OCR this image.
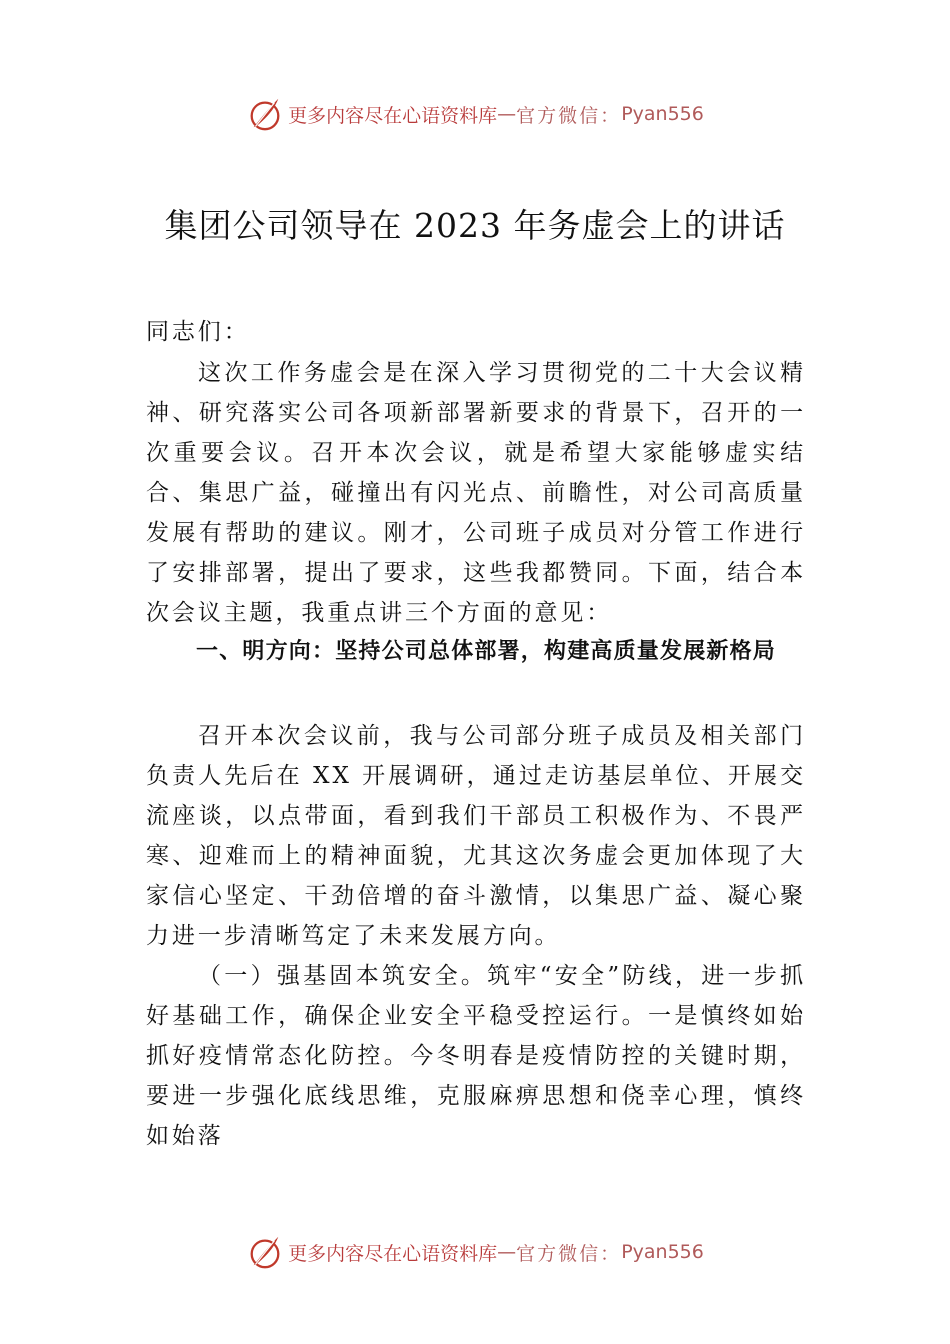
更多内容尽在心语资料库 — 官方微信： Pyan556
集团公司领导在 2023 年务虚会上的讲话

同志们：

这次工作务虚会是在深入学习贯彻党的二十大会议精神、研究落实公司各项新部署新要求的背景下，召开的一次重要会议。召开本次会议，就是希望大家能够虚实结合、集思广益，碰撞出有闪光点、前瞻性，对公司高质量发展有帮助的建议。刚才，公司班子成员对分管工作进行了安排部署，提出了要求，这些我都赞同。下面，结合本次会议主题，我重点讲三个方面的意见：

一、明方向：坚持公司总体部署，构建高质量发展新格局

召开本次会议前，我与公司部分班子成员及相关部门负责人先后在 XX 开展调研，通过走访基层单位、开展交流座谈，以点带面，看到我们干部员工积极作为、不畏严寒、迎难而上的精神面貌，尤其这次务虚会更加体现了大家信心坚定、干劲倍增的奋斗激情，以集思广益、凝心聚力进一步清晰笃定了未来发展方向。

（一）强基固本筑安全。筑牢“安全”防线，进一步抓好基础工作，确保企业安全平稳受控运行。一是慎终如始抓好疫情常态化防控。今冬明春是疫情防控的关键时期，要进一步强化底线思维，克服麻痹思想和侥幸心理，慎终如始落

更多内容尽在心语资料库 — 官方微信： Pyan556
